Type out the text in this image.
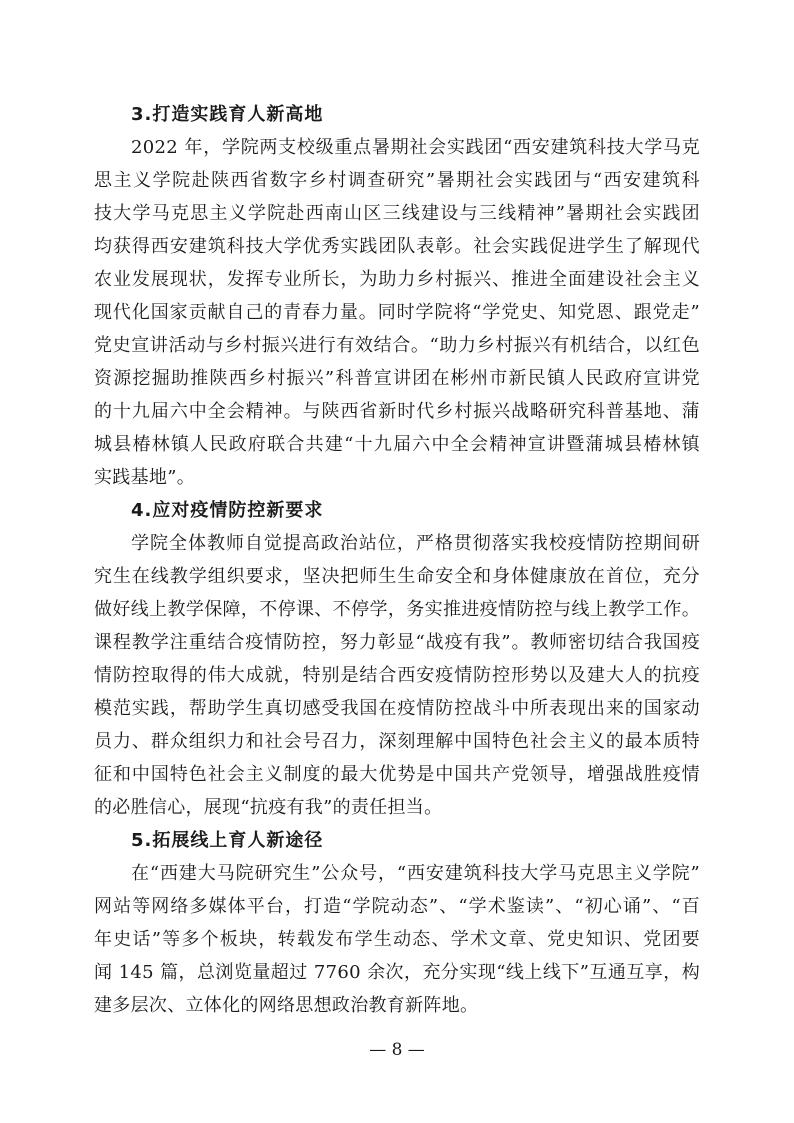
3.打造实践育人新高地
2022 年，学院两支校级重点暑期社会实践团“西安建筑科技大学马克
思主义学院赴陕西省数字乡村调查研究”暑期社会实践团与“西安建筑科
技大学马克思主义学院赴西南山区三线建设与三线精神”暑期社会实践团
均获得西安建筑科技大学优秀实践团队表彰。社会实践促进学生了解现代
农业发展现状，发挥专业所长，为助力乡村振兴、推进全面建设社会主义
现代化国家贡献自己的青春力量。同时学院将“学党史、知党恩、跟党走”
党史宣讲活动与乡村振兴进行有效结合。“助力乡村振兴有机结合，以红色
资源挖掘助推陕西乡村振兴”科普宣讲团在彬州市新民镇人民政府宣讲党
的十九届六中全会精神。与陕西省新时代乡村振兴战略研究科普基地、蒲
城县椿林镇人民政府联合共建“十九届六中全会精神宣讲暨蒲城县椿林镇
实践基地”。
4.应对疫情防控新要求
学院全体教师自觉提高政治站位，严格贯彻落实我校疫情防控期间研
究生在线教学组织要求，坚决把师生生命安全和身体健康放在首位，充分
做好线上教学保障，不停课、不停学，务实推进疫情防控与线上教学工作。
课程教学注重结合疫情防控，努力彰显“战疫有我”。教师密切结合我国疫
情防控取得的伟大成就，特别是结合西安疫情防控形势以及建大人的抗疫
模范实践，帮助学生真切感受我国在疫情防控战斗中所表现出来的国家动
员力、群众组织力和社会号召力，深刻理解中国特色社会主义的最本质特
征和中国特色社会主义制度的最大优势是中国共产党领导，增强战胜疫情
的必胜信心，展现“抗疫有我”的责任担当。
5.拓展线上育人新途径
在“西建大马院研究生”公众号，“西安建筑科技大学马克思主义学院”
网站等网络多媒体平台，打造“学院动态”、“学术鉴读”、“初心诵”、“百
年史话”等多个板块，转载发布学生动态、学术文章、党史知识、党团要
闻 145 篇，总浏览量超过 7760 余次，充分实现“线上线下”互通互享，构
建多层次、立体化的网络思想政治教育新阵地。
— 8 —
